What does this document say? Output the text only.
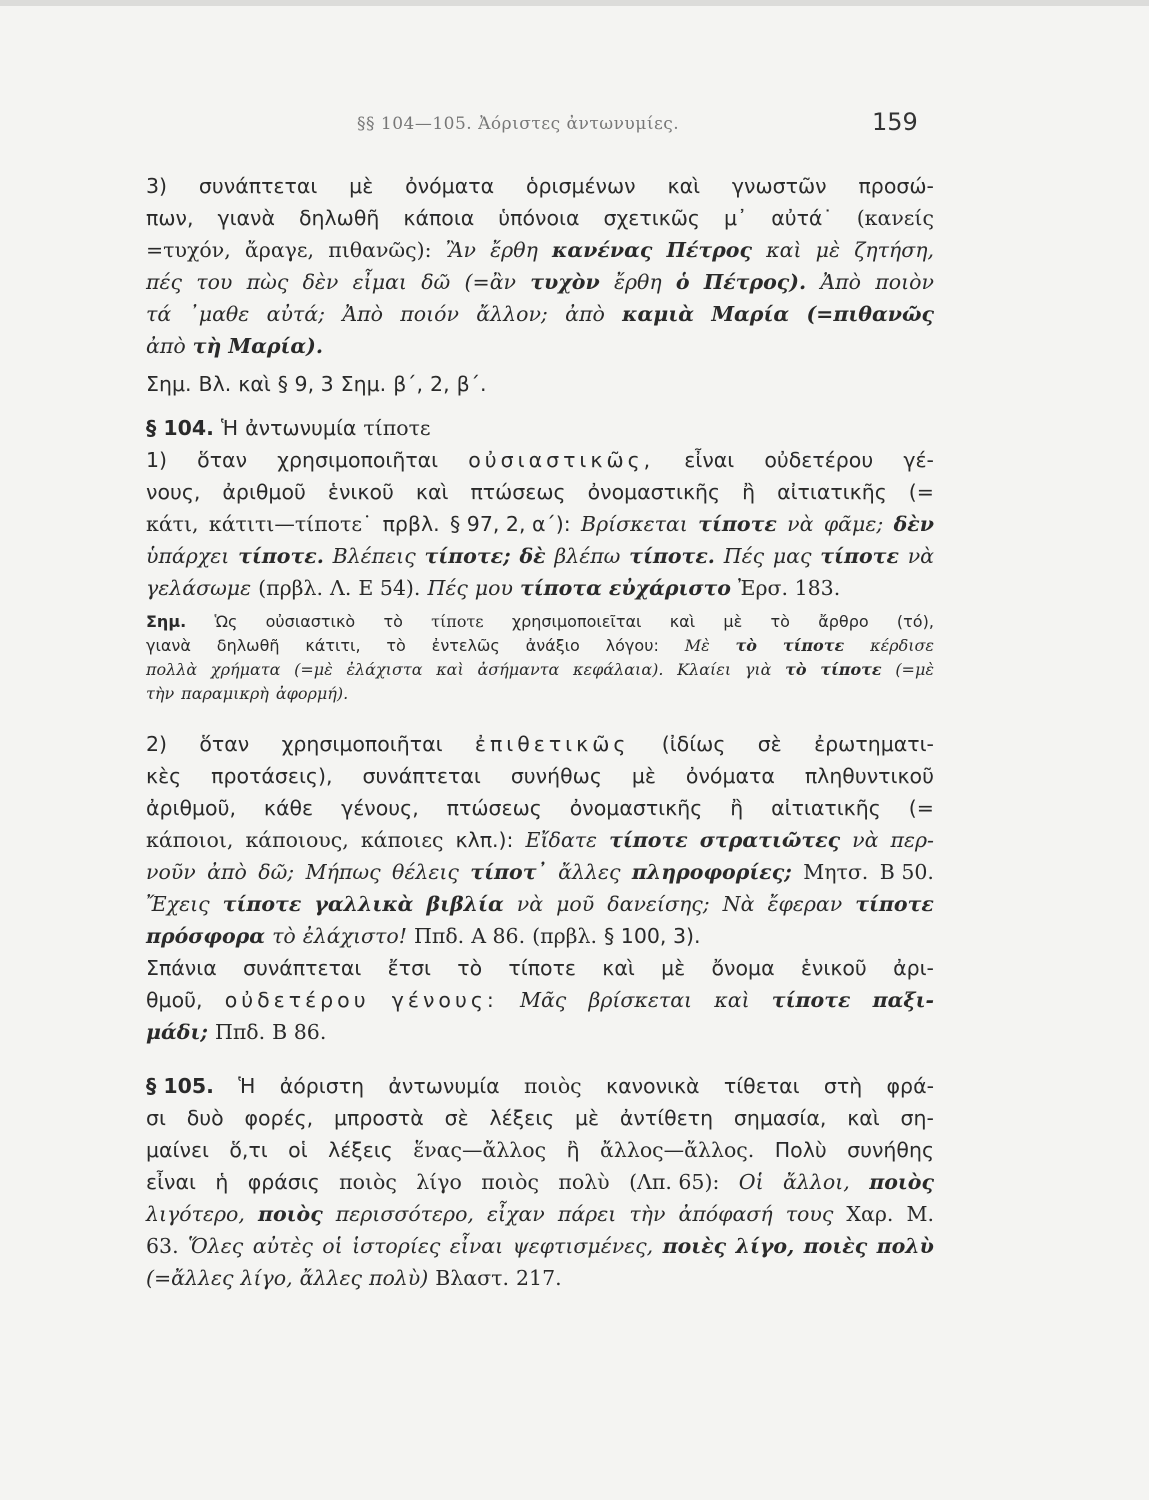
§§ 104—105. Ἀόριστες ἀντωνυμίες.	159
3) συνάπτεται μὲ ὀνόματα ὁρισμένων καὶ γνωστῶν προσώ-
πων, γιανὰ δηλωθῆ κάποια ὑπόνοια σχετικῶς μ᾽ αὐτά˙ (κανείς
=τυχόν, ἄραγε, πιθανῶς): Ἂν ἔρθη κανένας Πέτρος καὶ μὲ ζητήση,
πές του πὼς δὲν εἶμαι δῶ (=ἂν τυχὸν ἔρθη ὁ Πέτρος). Ἀπὸ ποιὸν
τά ᾽μαθε αὐτά; Ἀπὸ ποιόν ἄλλον; ἀπὸ καμιὰ Μαρία (=πιθανῶς
ἀπὸ τὴ Μαρία).
Σημ. Βλ. καὶ § 9, 3 Σημ. β΄, 2, β΄.
§ 104. Ἡ ἀντωνυμία τίποτε
1) ὅταν χρησιμοποιῆται οὐσιαστικῶς, εἶναι οὐδετέρου γέ-
νους, ἀριθμοῦ ἑνικοῦ καὶ πτώσεως ὀνομαστικῆς ἢ αἰτιατικῆς (=
κάτι, κάτιτι—τίποτε˙ πρβλ. § 97, 2, α΄): Βρίσκεται τίποτε νὰ φᾶμε; δὲν
ὑπάρχει τίποτε. Βλέπεις τίποτε; δὲ βλέπω τίποτε. Πές μας τίποτε νὰ
γελάσωμε (πρβλ. Λ. Ε 54). Πές μου τίποτα εὐχάριστο Ἐρσ. 183.
Σημ. Ὡς οὐσιαστικὸ τὸ τίποτε χρησιμοποιεῖται καὶ μὲ τὸ ἄρθρο (τό),
γιανὰ δηλωθῆ κάτιτι, τὸ ἐντελῶς ἀνάξιο λόγου: Μὲ τὸ τίποτε κέρδισε
πολλὰ χρήματα (=μὲ ἐλάχιστα καὶ ἀσήμαντα κεφάλαια). Κλαίει γιὰ τὸ τίποτε (=μὲ
τὴν παραμικρὴ ἀφορμή).
2) ὅταν χρησιμοποιῆται ἐπιθετικῶς (ἰδίως σὲ ἐρωτηματι-
κὲς προτάσεις), συνάπτεται συνήθως μὲ ὀνόματα πληθυντικοῦ
ἀριθμοῦ, κάθε γένους, πτώσεως ὀνομαστικῆς ἢ αἰτιατικῆς (=
κάποιοι, κάποιους, κάποιες κλπ.): Εἴδατε τίποτε στρατιῶτες νὰ περ-
νοῦν ἀπὸ δῶ; Μήπως θέλεις τίποτ᾽ ἄλλες πληροφορίες; Μητσ. Β 50.
Ἔχεις τίποτε γαλλικὰ βιβλία νὰ μοῦ δανείσης; Νὰ ἔφεραν τίποτε
πρόσφορα τὸ ἐλάχιστο! Ππδ. Α 86. (πρβλ. § 100, 3).
Σπάνια συνάπτεται ἔτσι τὸ τίποτε καὶ μὲ ὄνομα ἑνικοῦ ἀρι-
θμοῦ, οὐδετέρου γένους: Μᾶς βρίσκεται καὶ τίποτε παξι-
μάδι; Ππδ. Β 86.
§ 105. Ἡ ἀόριστη ἀντωνυμία ποιὸς κανονικὰ τίθεται στὴ φρά-
σι δυὸ φορές, μπροστὰ σὲ λέξεις μὲ ἀντίθετη σημασία, καὶ ση-
μαίνει ὅ,τι οἱ λέξεις ἕνας—ἄλλος ἢ ἄλλος—ἄλλος. Πολὺ συνήθης
εἶναι ἡ φράσις ποιὸς λίγο ποιὸς πολὺ (Λπ. 65): Οἱ ἄλλοι, ποιὸς
λιγότερο, ποιὸς περισσότερο, εἶχαν πάρει τὴν ἀπόφασή τους Χαρ. Μ.
63. Ὅλες αὐτὲς οἱ ἱστορίες εἶναι ψεφτισμένες, ποιὲς λίγο, ποιὲς πολὺ
(=ἄλλες λίγο, ἄλλες πολὺ) Βλαστ. 217.
